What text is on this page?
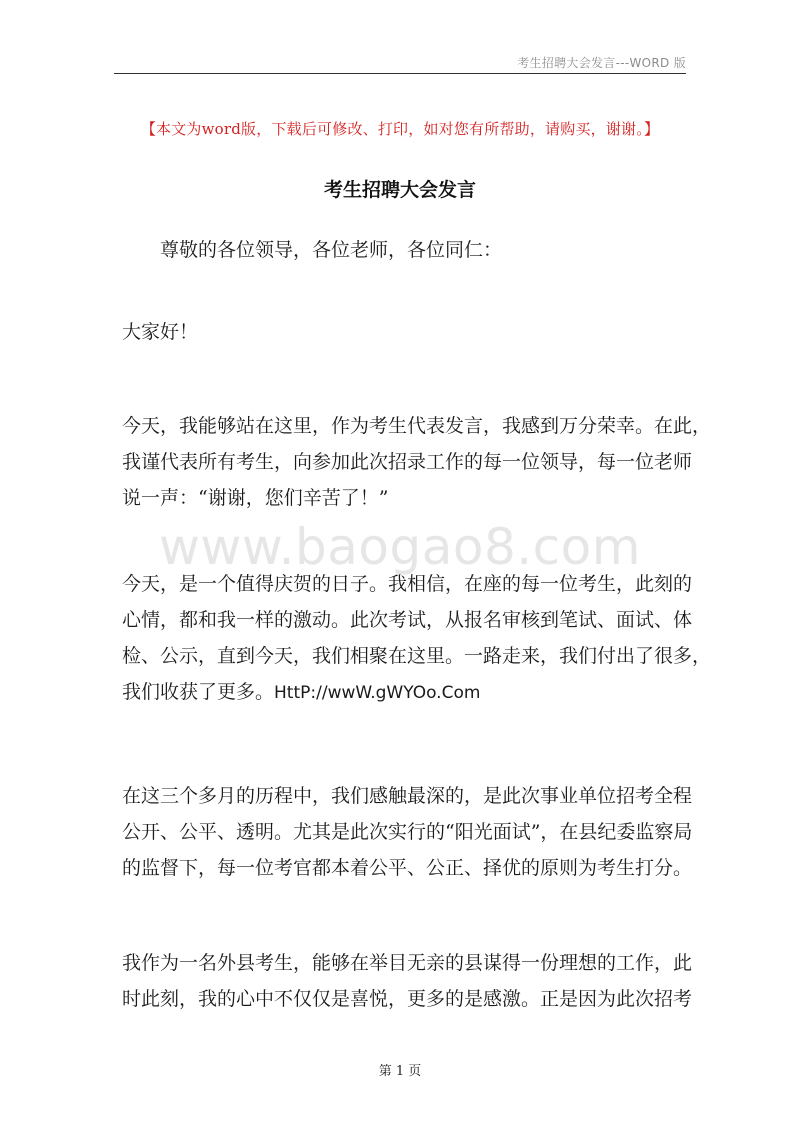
考生招聘大会发言---WORD 版
【本文为word版，下载后可修改、打印，如对您有所帮助，请购买，谢谢。】
考生招聘大会发言

尊敬的各位领导，各位老师，各位同仁：

大家好！

www.baogao8.com

今天，我能够站在这里，作为考生代表发言，我感到万分荣幸。在此，
我谨代表所有考生，向参加此次招录工作的每一位领导，每一位老师
说一声：“谢谢，您们辛苦了！”

今天，是一个值得庆贺的日子。我相信，在座的每一位考生，此刻的
心情，都和我一样的激动。此次考试，从报名审核到笔试、面试、体
检、公示，直到今天，我们相聚在这里。一路走来，我们付出了很多，
我们收获了更多。HttP://wwW.gWYOo.Com

在这三个多月的历程中，我们感触最深的，是此次事业单位招考全程
公开、公平、透明。尤其是此次实行的“阳光面试”，在县纪委监察局
的监督下，每一位考官都本着公平、公正、择优的原则为考生打分。

我作为一名外县考生，能够在举目无亲的县谋得一份理想的工作，此
时此刻，我的心中不仅仅是喜悦，更多的是感激。正是因为此次招考

第 1 页
